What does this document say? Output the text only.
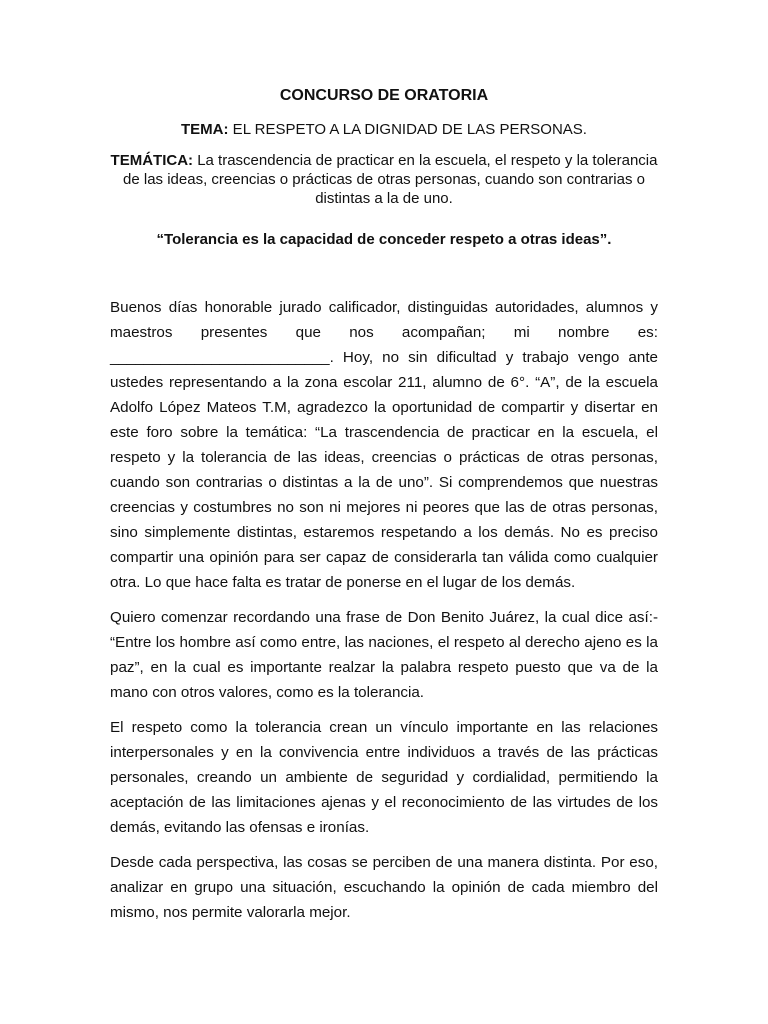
CONCURSO DE ORATORIA
TEMA: EL RESPETO A LA DIGNIDAD DE LAS PERSONAS.
TEMÁTICA: La trascendencia de practicar en la escuela, el respeto y la tolerancia de las ideas, creencias o prácticas de otras personas, cuando son contrarias o distintas a la de uno.
“Tolerancia es la capacidad de conceder respeto a otras ideas”.

Buenos días honorable jurado calificador, distinguidas autoridades, alumnos y maestros presentes que nos acompañan; mi nombre es: __________________________. Hoy, no sin dificultad y trabajo vengo ante ustedes representando a la zona escolar 211, alumno de 6°. “A”, de la escuela Adolfo López Mateos T.M, agradezco la oportunidad de compartir y disertar en este foro sobre la temática: “La trascendencia de practicar en la escuela, el respeto y la tolerancia de las ideas, creencias o prácticas de otras personas, cuando son contrarias o distintas a la de uno”. Si comprendemos que nuestras creencias y costumbres no son ni mejores ni peores que las de otras personas, sino simplemente distintas, estaremos respetando a los demás. No es preciso compartir una opinión para ser capaz de considerarla tan válida como cualquier otra. Lo que hace falta es tratar de ponerse en el lugar de los demás.

Quiero comenzar recordando una frase de Don Benito Juárez, la cual dice así:- “Entre los hombre así como entre, las naciones, el respeto al derecho ajeno es la paz”, en la cual es importante realzar la palabra respeto puesto que va de la mano con otros valores, como es la tolerancia.

El respeto como la tolerancia crean un vínculo importante en las relaciones interpersonales y en la convivencia entre individuos a través de las prácticas personales, creando un ambiente de seguridad y cordialidad, permitiendo la aceptación de las limitaciones ajenas y el reconocimiento de las virtudes de los demás, evitando las ofensas e ironías.

Desde cada perspectiva, las cosas se perciben de una manera distinta. Por eso, analizar en grupo una situación, escuchando la opinión de cada miembro del mismo, nos permite valorarla mejor.
